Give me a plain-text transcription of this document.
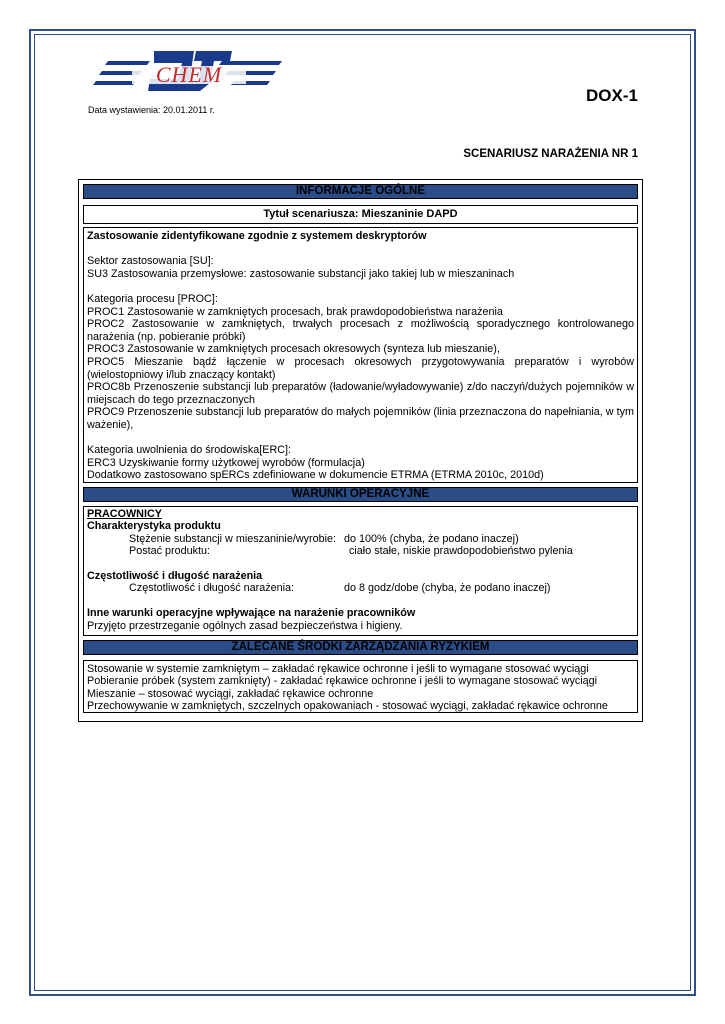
CHEM
Data wystawienia: 20.01.2011 r.
DOX-1
SCENARIUSZ NARAŻENIA NR 1
INFORMACJE OGÓLNE
Tytuł scenariusza: Mieszaninie DAPD

Zastosowanie zidentyfikowane zgodnie z systemem deskryptorów

Sektor zastosowania [SU]:

SU3 Zastosowania przemysłowe: zastosowanie substancji jako takiej lub w mieszaninach

Kategoria procesu [PROC]:

PROC1 Zastosowanie w zamkniętych procesach, brak prawdopodobieństwa narażenia

PROC2 Zastosowanie w zamkniętych, trwałych procesach z możliwością sporadycznego kontrolowanego narażenia (np. pobieranie próbki)

PROC3 Zastosowanie w zamkniętych procesach okresowych (synteza lub mieszanie),

PROC5 Mieszanie bądź łączenie w procesach okresowych przygotowywania preparatów i wyrobów (wielostopniowy i/lub znaczący kontakt)

PROC8b Przenoszenie substancji lub preparatów (ładowanie/wyładowywanie) z/do naczyń/dużych pojemników w miejscach do tego przeznaczonych

PROC9 Przenoszenie substancji lub preparatów do małych pojemników (linia przeznaczona do napełniania, w tym ważenie),

Kategoria uwolnienia do środowiska[ERC]:

ERC3 Uzyskiwanie formy użytkowej wyrobów (formulacja)

Dodatkowo zastosowano spERCs zdefiniowane w dokumencie ETRMA (ETRMA 2010c, 2010d)

WARUNKI OPERACYJNE
PRACOWNICY
Charakterystyka produktu
Stężenie substancji w mieszaninie/wyrobie: do 100% (chyba, że podano inaczej)
Postać produktu:	ciało stałe, niskie prawdopodobieństwo pylenia
Częstotliwość i długość narażenia
Częstotliwość i długość narażenia:	do 8 godz/dobe (chyba, że podano inaczej)
Inne warunki operacyjne wpływające na narażenie pracowników
Przyjęto przestrzeganie ogólnych zasad bezpieczeństwa i higieny.
ZALECANE ŚRODKI ZARZĄDZANIA RYZYKIEM

Stosowanie w systemie zamkniętym – zakładać rękawice ochronne i jeśli to wymagane stosować wyciągi

Pobieranie próbek (system zamknięty) - zakładać rękawice ochronne i jeśli to wymagane stosować wyciągi

Mieszanie – stosować wyciągi, zakładać rękawice ochronne

Przechowywanie w zamkniętych, szczelnych opakowaniach - stosować wyciągi, zakładać rękawice ochronne
